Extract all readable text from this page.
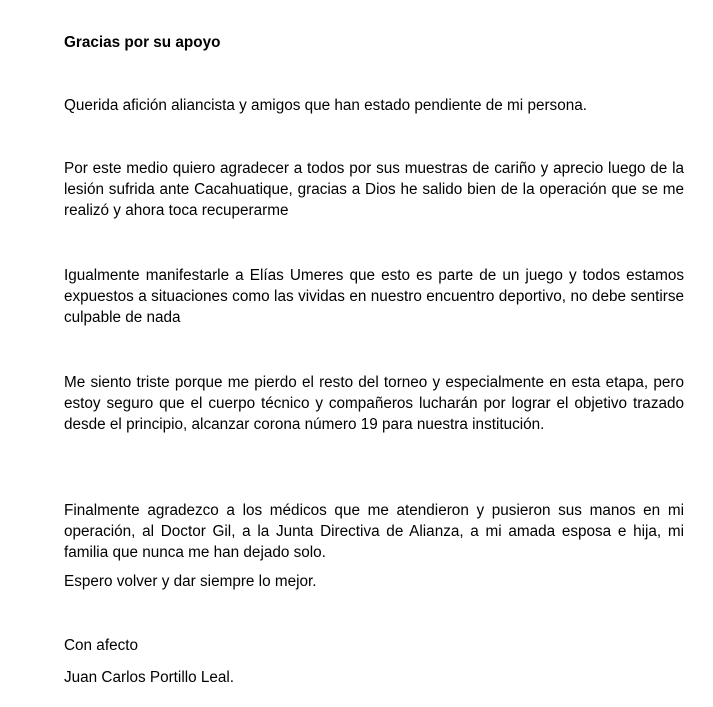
Gracias por su apoyo

Querida afición aliancista y amigos que han estado pendiente de mi persona.

Por este medio quiero agradecer a todos por sus muestras de cariño y aprecio luego de la lesión sufrida ante Cacahuatique, gracias a Dios he salido bien de la operación que se me realizó y ahora toca recuperarme

Igualmente manifestarle a Elías Umeres que esto es parte de un juego y todos estamos expuestos a situaciones como las vividas en nuestro encuentro deportivo, no debe sentirse culpable de nada

Me siento triste porque me pierdo el resto del torneo y especialmente en esta etapa, pero estoy seguro que el cuerpo técnico y compañeros lucharán por lograr el objetivo trazado desde el principio, alcanzar corona número 19 para nuestra institución.

Finalmente agradezco a los médicos que me atendieron y pusieron sus manos en mi operación, al Doctor Gil, a la Junta Directiva de Alianza, a mi amada esposa e hija, mi familia que nunca me han dejado solo.

Espero volver y dar siempre lo mejor.

Con afecto

Juan Carlos Portillo Leal.
